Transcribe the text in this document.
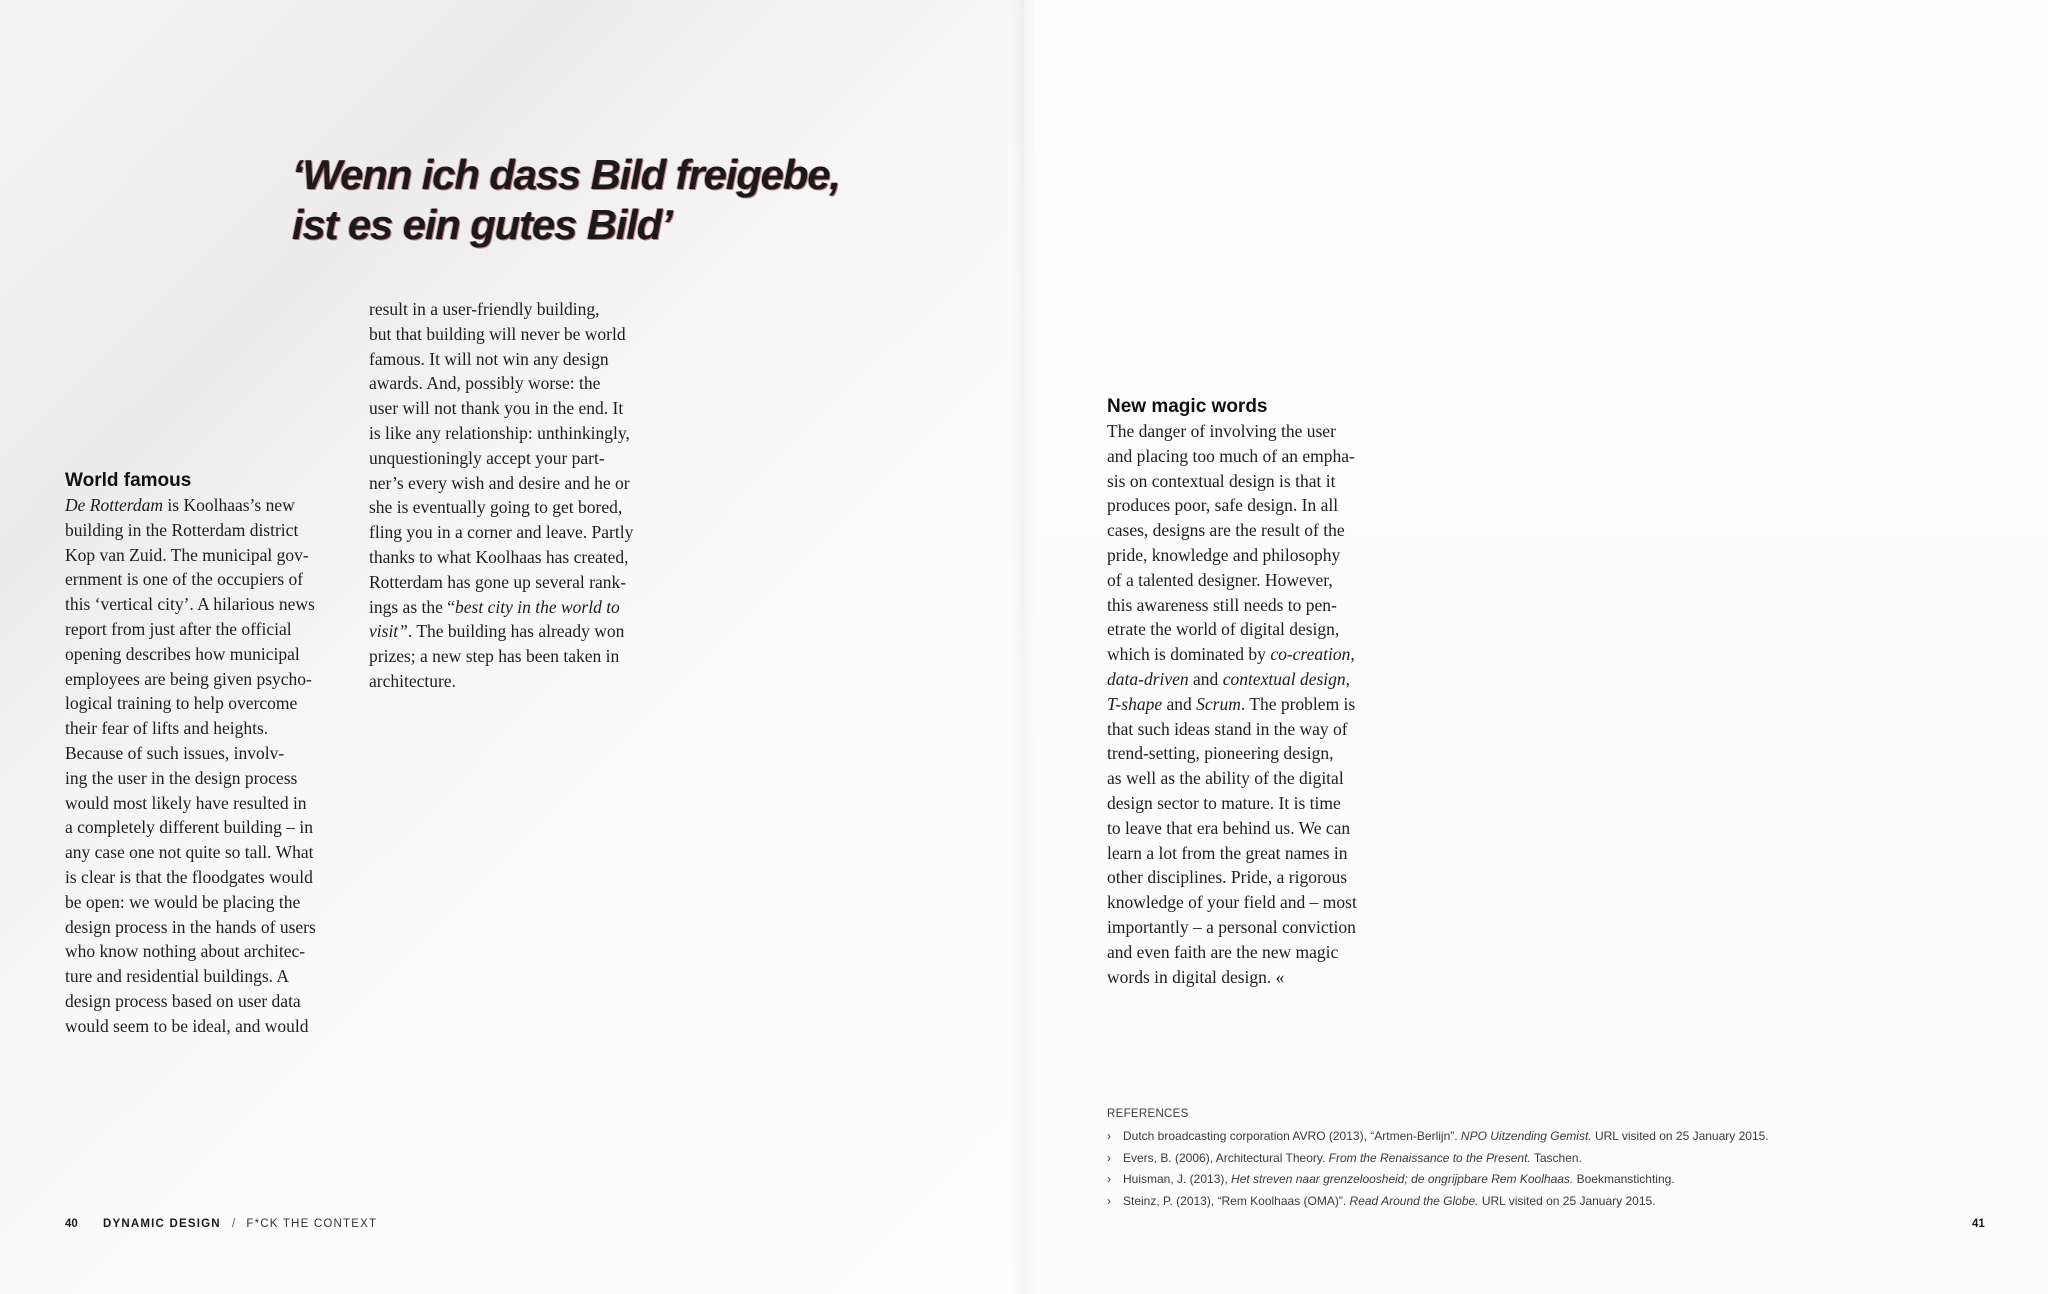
‘Wenn ich dass Bild freigebe,
ist es ein gutes Bild’
World famous
De Rotterdam is Koolhaas’s new
building in the Rotterdam district
Kop van Zuid. The municipal gov-
ernment is one of the occupiers of
this ‘vertical city’. A hilarious news
report from just after the official
opening describes how municipal
employees are being given psycho-
logical training to help overcome
their fear of lifts and heights.
Because of such issues, involv-
ing the user in the design process
would most likely have resulted in
a completely different building – in
any case one not quite so tall. What
is clear is that the floodgates would
be open: we would be placing the
design process in the hands of users
who know nothing about architec-
ture and residential buildings. A
design process based on user data
would seem to be ideal, and would
result in a user-friendly building,
but that building will never be world
famous. It will not win any design
awards. And, possibly worse: the
user will not thank you in the end. It
is like any relationship: unthinkingly,
unquestioningly accept your part-
ner’s every wish and desire and he or
she is eventually going to get bored,
fling you in a corner and leave. Partly
thanks to what Koolhaas has created,
Rotterdam has gone up several rank-
ings as the “best city in the world to
visit”. The building has already won
prizes; a new step has been taken in
architecture.
New magic words
The danger of involving the user
and placing too much of an empha-
sis on contextual design is that it
produces poor, safe design. In all
cases, designs are the result of the
pride, knowledge and philosophy
of a talented designer. However,
this awareness still needs to pen-
etrate the world of digital design,
which is dominated by co-creation,
data-driven and contextual design,
T-shape and Scrum. The problem is
that such ideas stand in the way of
trend-setting, pioneering design,
as well as the ability of the digital
design sector to mature. It is time
to leave that era behind us. We can
learn a lot from the great names in
other disciplines. Pride, a rigorous
knowledge of your field and – most
importantly – a personal conviction
and even faith are the new magic
words in digital design. «
REFERENCES
› Dutch broadcasting corporation AVRO (2013), “Artmen-Berlijn”. NPO Uitzending Gemist. URL visited on 25 January 2015.
› Evers, B. (2006), Architectural Theory. From the Renaissance to the Present. Taschen.
› Huisman, J. (2013), Het streven naar grenzeloosheid; de ongrijpbare Rem Koolhaas. Boekmanstichting.
› Steinz, P. (2013), “Rem Koolhaas (OMA)”. Read Around the Globe. URL visited on 25 January 2015.
40 DYNAMIC DESIGN / F*CK THE CONTEXT	41
